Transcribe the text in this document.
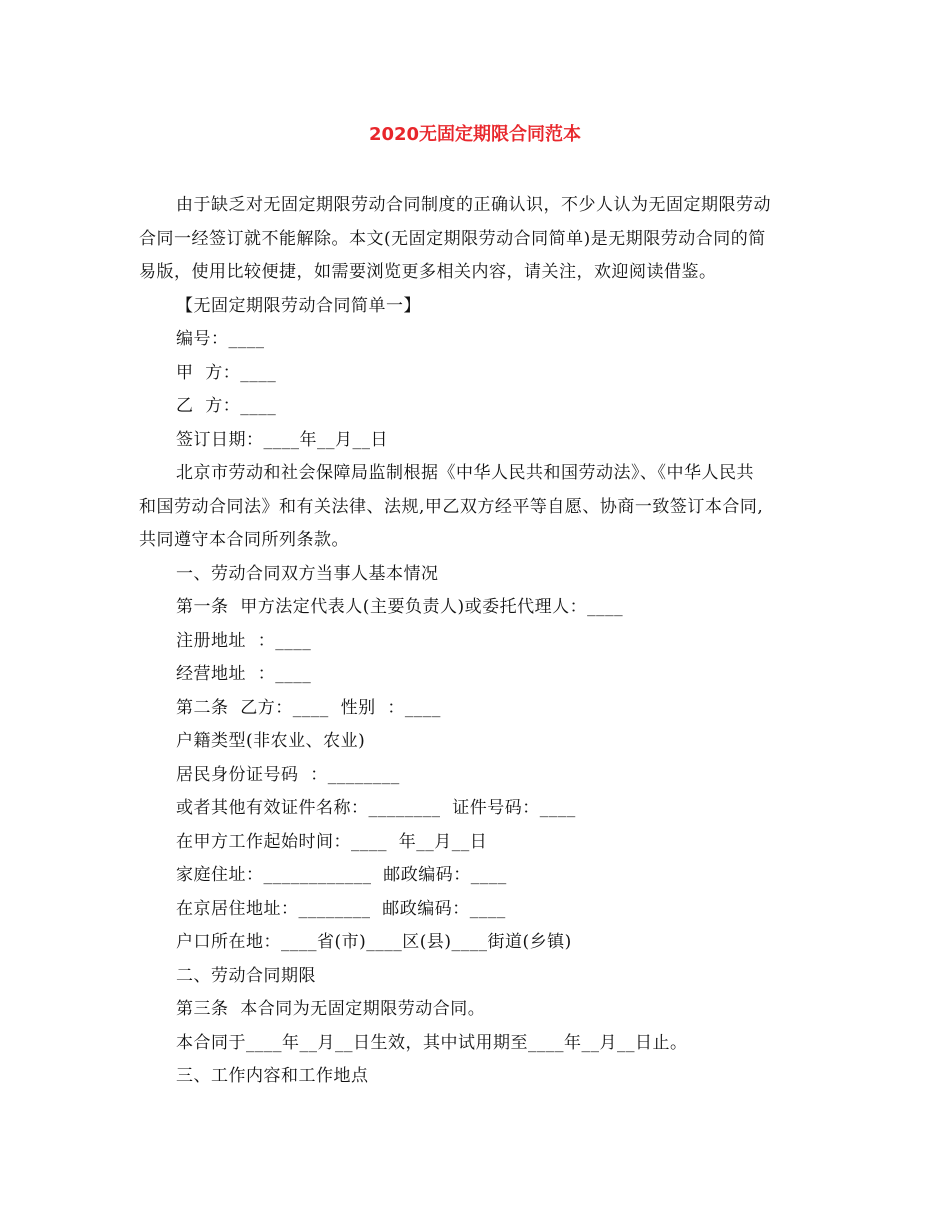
2020无固定期限合同范本
由于缺乏对无固定期限劳动合同制度的正确认识，不少人认为无固定期限劳动
合同一经签订就不能解除。本文(无固定期限劳动合同简单)是无期限劳动合同的简
易版，使用比较便捷，如需要浏览更多相关内容，请关注，欢迎阅读借鉴。
【无固定期限劳动合同简单一】
编号：____
甲  方：____
乙  方：____
签订日期：____年__月__日
北京市劳动和社会保障局监制根据《中华人民共和国劳动法》、《中华人民共
和国劳动合同法》和有关法律、法规,甲乙双方经平等自愿、协商一致签订本合同,
共同遵守本合同所列条款。
一、劳动合同双方当事人基本情况
第一条  甲方法定代表人(主要负责人)或委托代理人：____
注册地址  ：____
经营地址  ：____
第二条  乙方：____  性别  ：____
户籍类型(非农业、农业)
居民身份证号码  ：________
或者其他有效证件名称：________  证件号码：____
在甲方工作起始时间：____  年__月__日
家庭住址：____________  邮政编码：____
在京居住地址：________  邮政编码：____
户口所在地：____省(市)____区(县)____街道(乡镇)
二、劳动合同期限
第三条  本合同为无固定期限劳动合同。
本合同于____年__月__日生效，其中试用期至____年__月__日止。
三、工作内容和工作地点
